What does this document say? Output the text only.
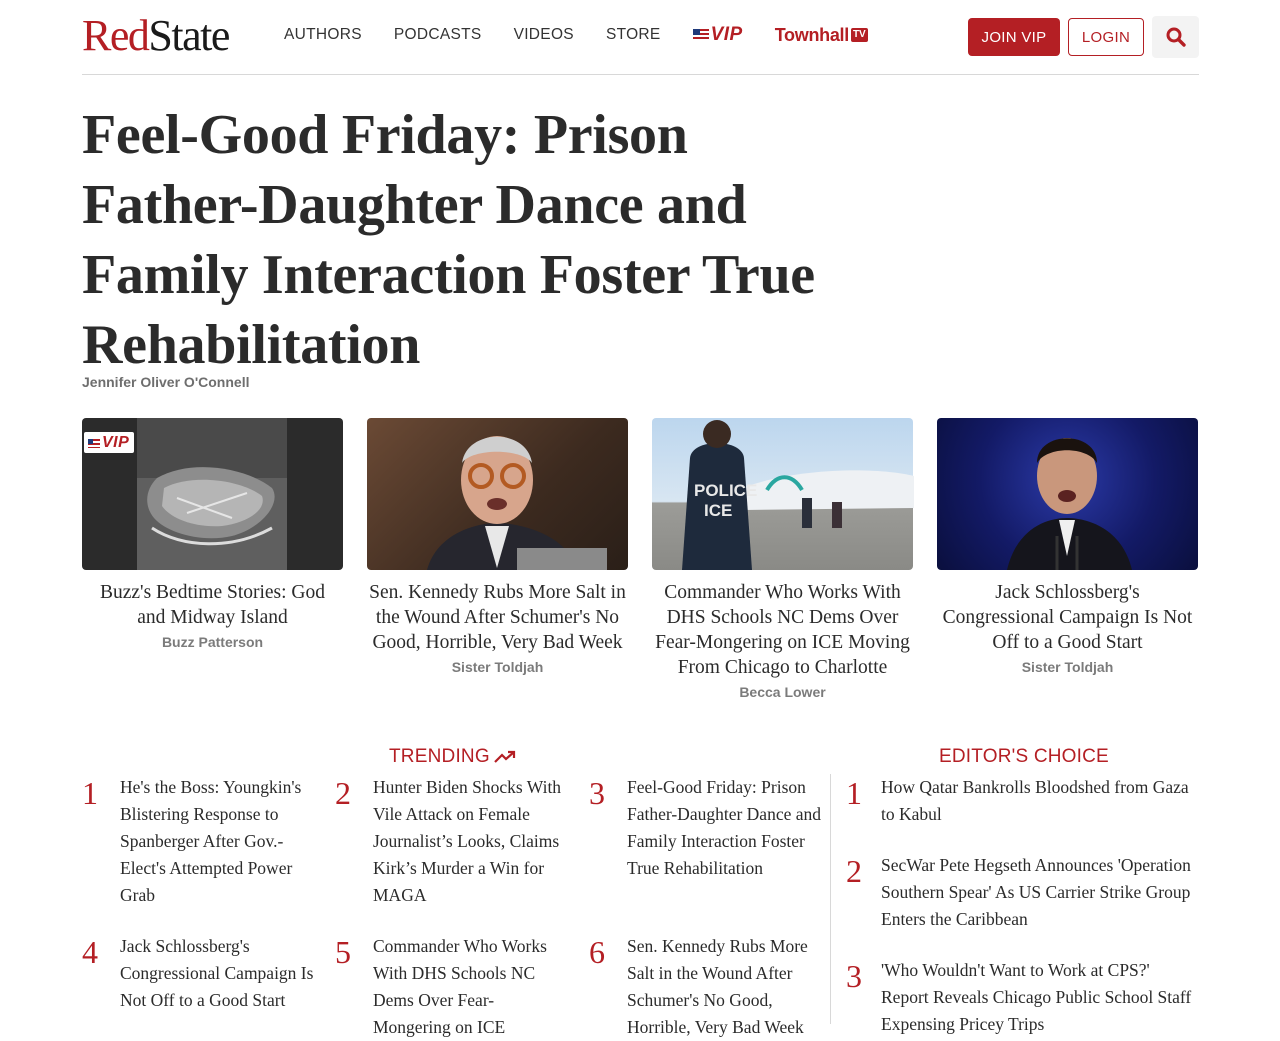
RedState	AUTHORS PODCASTS VIDEOS STORE	VIP Townhall TV	JOIN VIP	LOGIN
Feel-Good Friday: Prison Father-Daughter Dance and Family Interaction Foster True Rehabilitation
Jennifer Oliver O'Connell
VIP
Buzz's Bedtime Stories: God and Midway Island
Buzz Patterson
Sen. Kennedy Rubs More Salt in the Wound After Schumer's No Good, Horrible, Very Bad Week
Sister Toldjah
POLICE
ICE
Commander Who Works With DHS Schools NC Dems Over Fear-Mongering on ICE Moving From Chicago to Charlotte
Becca Lower
Jack Schlossberg's Congressional Campaign Is Not Off to a Good Start
Sister Toldjah
TRENDING
1	He's the Boss: Youngkin's Blistering Response to Spanberger After Gov.-Elect's Attempted Power Grab
2	Hunter Biden Shocks With Vile Attack on Female Journalist’s Looks, Claims Kirk’s Murder a Win for MAGA
3	Feel-Good Friday: Prison Father-Daughter Dance and Family Interaction Foster True Rehabilitation
4	Jack Schlossberg's Congressional Campaign Is Not Off to a Good Start
5	Commander Who Works With DHS Schools NC Dems Over Fear-Mongering on ICE
6	Sen. Kennedy Rubs More Salt in the Wound After Schumer's No Good, Horrible, Very Bad Week
EDITOR'S CHOICE
1	How Qatar Bankrolls Bloodshed from Gaza to Kabul
2	SecWar Pete Hegseth Announces 'Operation Southern Spear' As US Carrier Strike Group Enters the Caribbean
3	'Who Wouldn't Want to Work at CPS?' Report Reveals Chicago Public School Staff Expensing Pricey Trips
